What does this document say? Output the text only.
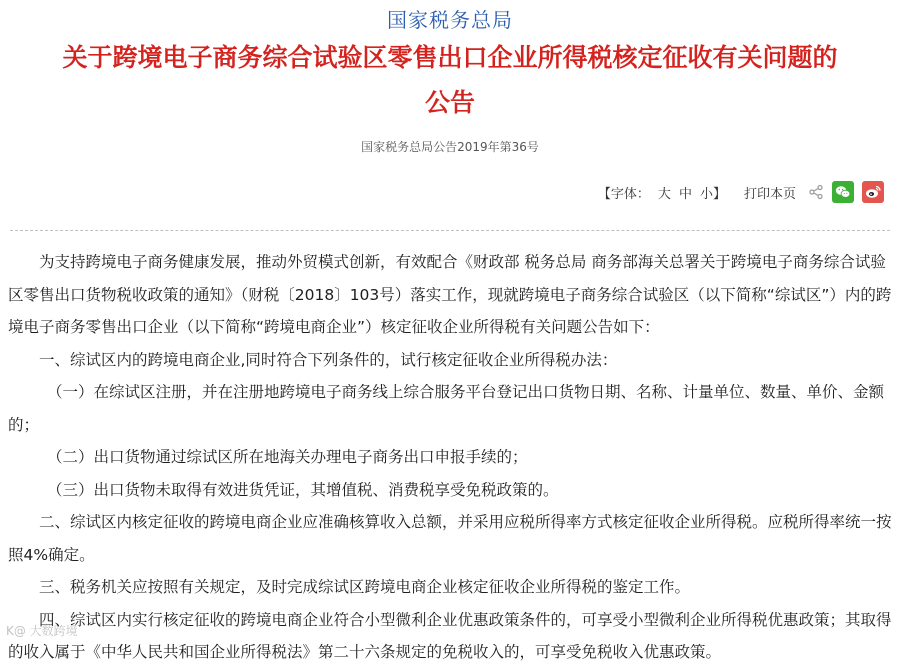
国家税务总局
关于跨境电子商务综合试验区零售出口企业所得税核定征收有关问题的
公告
国家税务总局公告2019年第36号
【字体： 大 中 小 】 打印本页

为支持跨境电子商务健康发展，推动外贸模式创新，有效配合《财政部 税务总局 商务部海关总署关于跨境电子商务综合试验区零售出口货物税收政策的通知》（财税〔2018〕103号）落实工作，现就跨境电子商务综合试验区（以下简称“综试区”）内的跨境电子商务零售出口企业（以下简称“跨境电商企业”）核定征收企业所得税有关问题公告如下：

一、综试区内的跨境电商企业,同时符合下列条件的，试行核定征收企业所得税办法：

（一）在综试区注册，并在注册地跨境电子商务线上综合服务平台登记出口货物日期、名称、计量单位、数量、单价、金额的；

（二）出口货物通过综试区所在地海关办理电子商务出口申报手续的；

（三）出口货物未取得有效进货凭证，其增值税、消费税享受免税政策的。

二、综试区内核定征收的跨境电商企业应准确核算收入总额，并采用应税所得率方式核定征收企业所得税。应税所得率统一按照4%确定。

三、税务机关应按照有关规定，及时完成综试区跨境电商企业核定征收企业所得税的鉴定工作。

四、综试区内实行核定征收的跨境电商企业符合小型微利企业优惠政策条件的，可享受小型微利企业所得税优惠政策；其取得的收入属于《中华人民共和国企业所得税法》第二十六条规定的免税收入的，可享受免税收入优惠政策。

K@ 大数跨境
